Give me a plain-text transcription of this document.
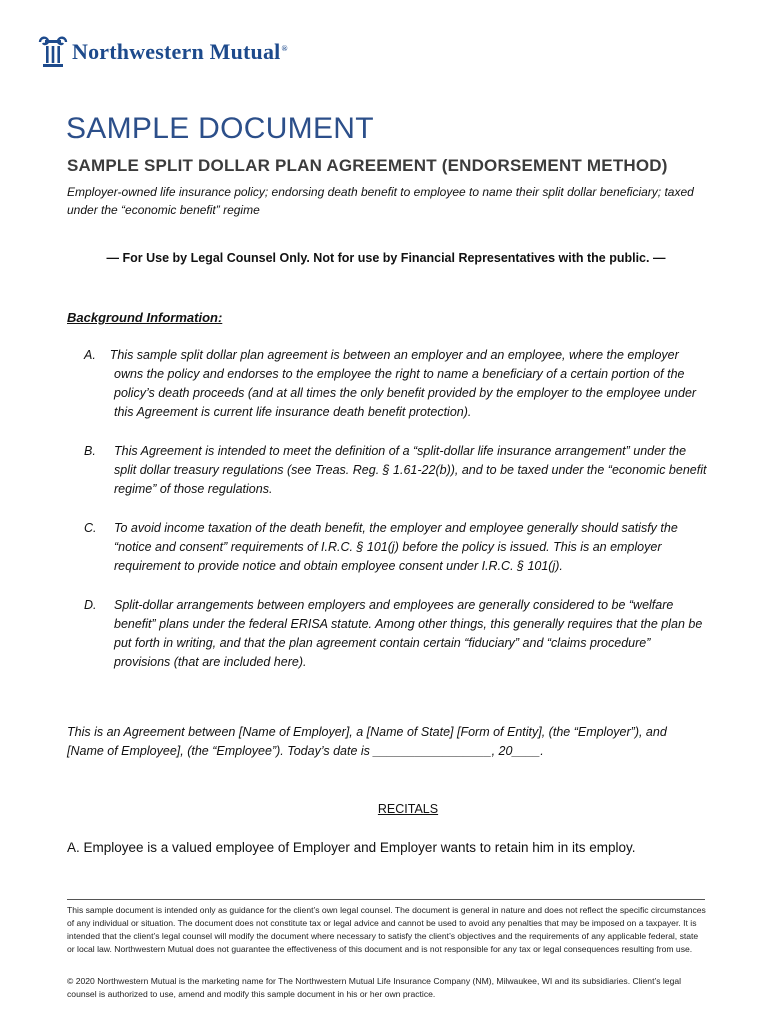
Northwestern Mutual®
SAMPLE DOCUMENT
SAMPLE SPLIT DOLLAR PLAN AGREEMENT (ENDORSEMENT METHOD)

Employer-owned life insurance policy; endorsing death benefit to employee to name their split dollar beneficiary; taxed under the “economic benefit” regime

— For Use by Legal Counsel Only. Not for use by Financial Representatives with the public. —

Background Information:

A. This sample split dollar plan agreement is between an employer and an employee, where the employer
owns the policy and endorses to the employee the right to name a beneficiary of a certain portion of the policy’s death proceeds (and at all times the only benefit provided by the employer to the employee under this Agreement is current life insurance death benefit protection).
B. This Agreement is intended to meet the definition of a “split-dollar life insurance arrangement” under the split dollar treasury regulations (see Treas. Reg. § 1.61-22(b)), and to be taxed under the “economic benefit regime” of those regulations.
C. To avoid income taxation of the death benefit, the employer and employee generally should satisfy the “notice and consent” requirements of I.R.C. § 101(j) before the policy is issued. This is an employer requirement to provide notice and obtain employee consent under I.R.C. § 101(j).
D. Split-dollar arrangements between employers and employees are generally considered to be “welfare benefit” plans under the federal ERISA statute. Among other things, this generally requires that the plan be put forth in writing, and that the plan agreement contain certain “fiduciary” and “claims procedure” provisions (that are included here).

This is an Agreement between [Name of Employer], a [Name of State] [Form of Entity], (the “Employer”), and [Name of Employee], (the “Employee”). Today’s date is _________________, 20____.

RECITALS

A. Employee is a valued employee of Employer and Employer wants to retain him in its employ.

This sample document is intended only as guidance for the client’s own legal counsel. The document is general in nature and does not reflect the specific circumstances of any individual or situation. The document does not constitute tax or legal advice and cannot be used to avoid any penalties that may be imposed on a taxpayer. It is intended that the client’s legal counsel will modify the document where necessary to satisfy the client’s objectives and the requirements of any applicable federal, state or local law. Northwestern Mutual does not guarantee the effectiveness of this document and is not responsible for any tax or legal consequences resulting from use.

© 2020 Northwestern Mutual is the marketing name for The Northwestern Mutual Life Insurance Company (NM), Milwaukee, WI and its subsidiaries. Client’s legal counsel is authorized to use, amend and modify this sample document in his or her own practice.
